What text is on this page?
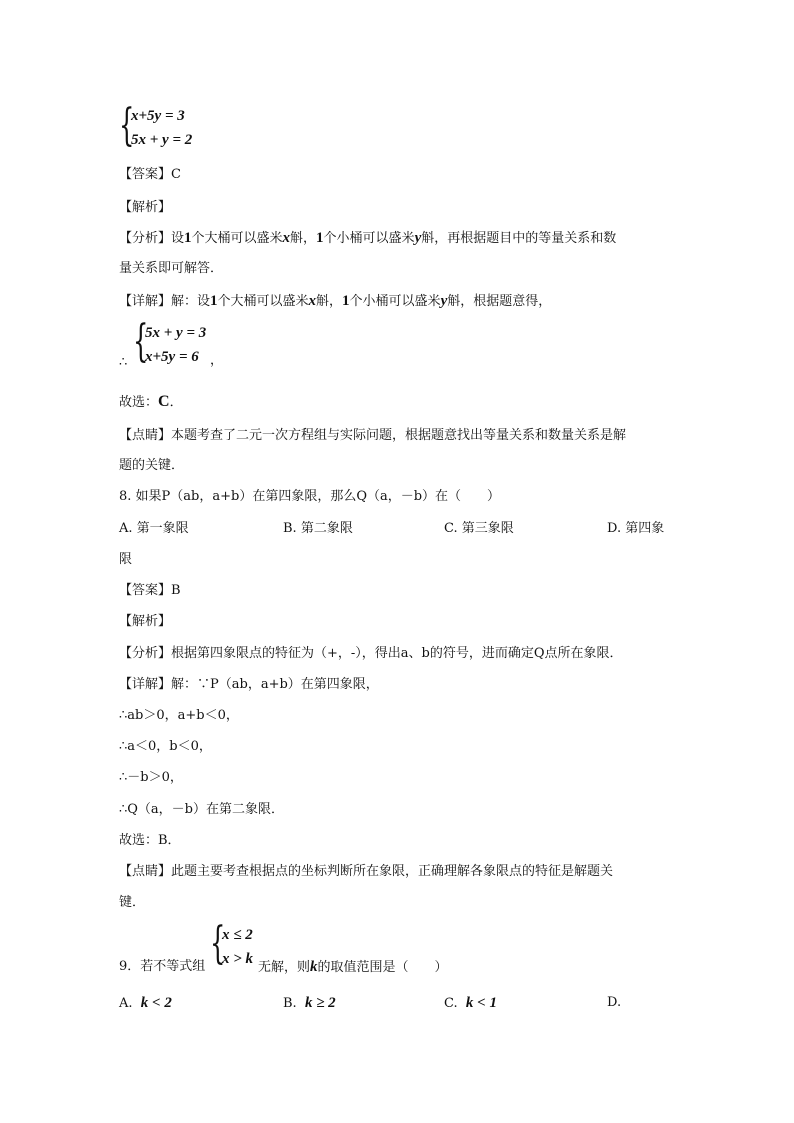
{
x+5y = 3
5x + y = 2
【答案】C
【解析】
【分析】设1个大桶可以盛米x斛，1个小桶可以盛米y斛，再根据题目中的等量关系和数
量关系即可解答．
【详解】解：设1个大桶可以盛米x斛，1个小桶可以盛米y斛，根据题意得，
∴ {
5x + y = 3
x+5y = 6 ，
故选：C．
【点睛】本题考查了二元一次方程组与实际问题，根据题意找出等量关系和数量关系是解
题的关键．
8. 如果P（ab，a+b）在第四象限，那么Q（a，－b）在（　　）
A. 第一象限	B. 第二象限	C. 第三象限	D. 第四象
限
【答案】B
【解析】
【分析】根据第四象限点的特征为（+，-），得出a、b的符号，进而确定Q点所在象限．
【详解】解：∵P（ab，a+b）在第四象限，
∴ab＞0，a+b＜0，
∴a＜0，b＜0，
∴－b＞0，
∴Q（a，－b）在第二象限．
故选：B．
【点睛】此题主要考查根据点的坐标判断所在象限，正确理解各象限点的特征是解题关
键．
9．若不等式组 {
x ≤ 2
x > k
无解，则k的取值范围是（　　）
A. k < 2	B. k ≥ 2	C. k < 1	D.
